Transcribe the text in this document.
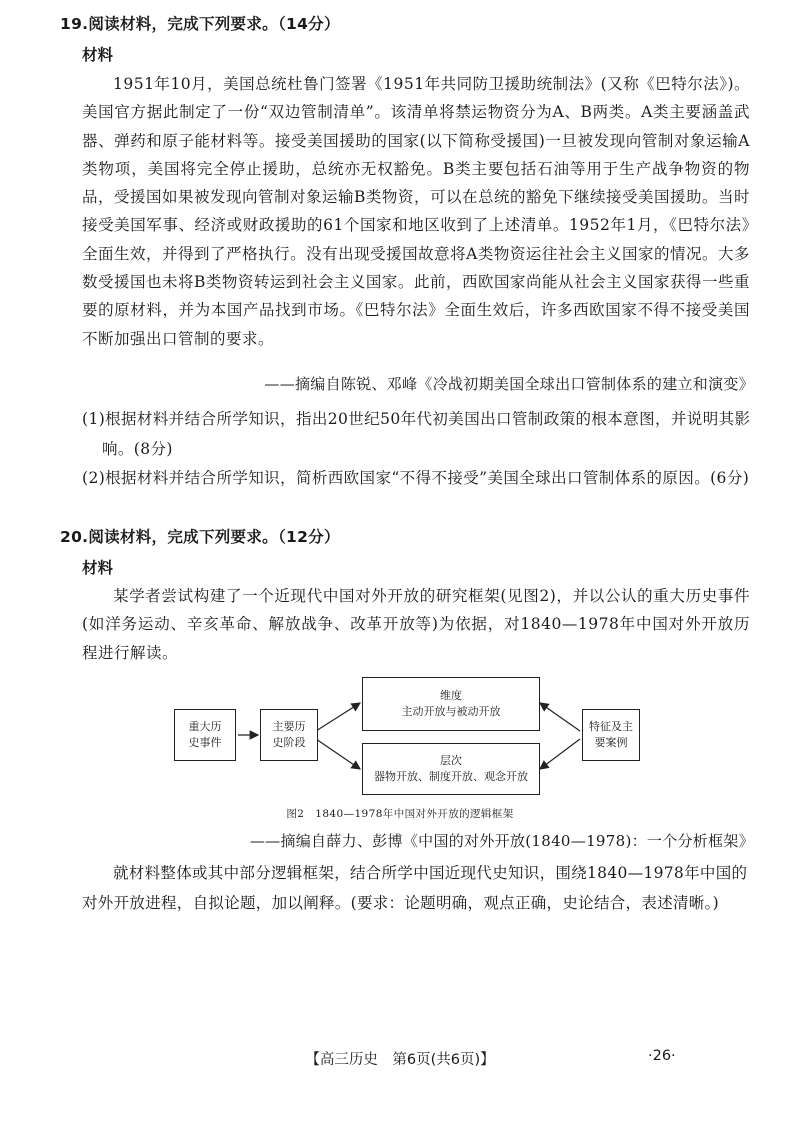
19.阅读材料，完成下列要求。（14分）
材料
1951年10月，美国总统杜鲁门签署《1951年共同防卫援助统制法》(又称《巴特尔法》)。美国官方据此制定了一份“双边管制清单”。该清单将禁运物资分为A、B两类。A类主要涵盖武器、弹药和原子能材料等。接受美国援助的国家(以下简称受援国)一旦被发现向管制对象运输A类物项，美国将完全停止援助，总统亦无权豁免。B类主要包括石油等用于生产战争物资的物品，受援国如果被发现向管制对象运输B类物资，可以在总统的豁免下继续接受美国援助。当时接受美国军事、经济或财政援助的61个国家和地区收到了上述清单。1952年1月，《巴特尔法》全面生效，并得到了严格执行。没有出现受援国故意将A类物资运往社会主义国家的情况。大多数受援国也未将B类物资转运到社会主义国家。此前，西欧国家尚能从社会主义国家获得一些重要的原材料，并为本国产品找到市场。《巴特尔法》全面生效后，许多西欧国家不得不接受美国不断加强出口管制的要求。
——摘编自陈锐、邓峰《冷战初期美国全球出口管制体系的建立和演变》
(1)根据材料并结合所学知识，指出20世纪50年代初美国出口管制政策的根本意图，并说明其影响。(8分)
(2)根据材料并结合所学知识，简析西欧国家“不得不接受”美国全球出口管制体系的原因。(6分)
20.阅读材料，完成下列要求。（12分）
材料
某学者尝试构建了一个近现代中国对外开放的研究框架(见图2)，并以公认的重大历史事件(如洋务运动、辛亥革命、解放战争、改革开放等)为依据，对1840—1978年中国对外开放历程进行解读。
重大历
史事件
主要历
史阶段
维度
主动开放与被动开放
层次
器物开放、制度开放、观念开放
特征及主
要案例
图2　1840—1978年中国对外开放的逻辑框架
——摘编自薛力、彭博《中国的对外开放(1840—1978)：一个分析框架》
就材料整体或其中部分逻辑框架，结合所学中国近现代史知识，围绕1840—1978年中国的对外开放进程，自拟论题，加以阐释。(要求：论题明确，观点正确，史论结合，表述清晰。)
【高三历史　第6页(共6页)】	·26·
